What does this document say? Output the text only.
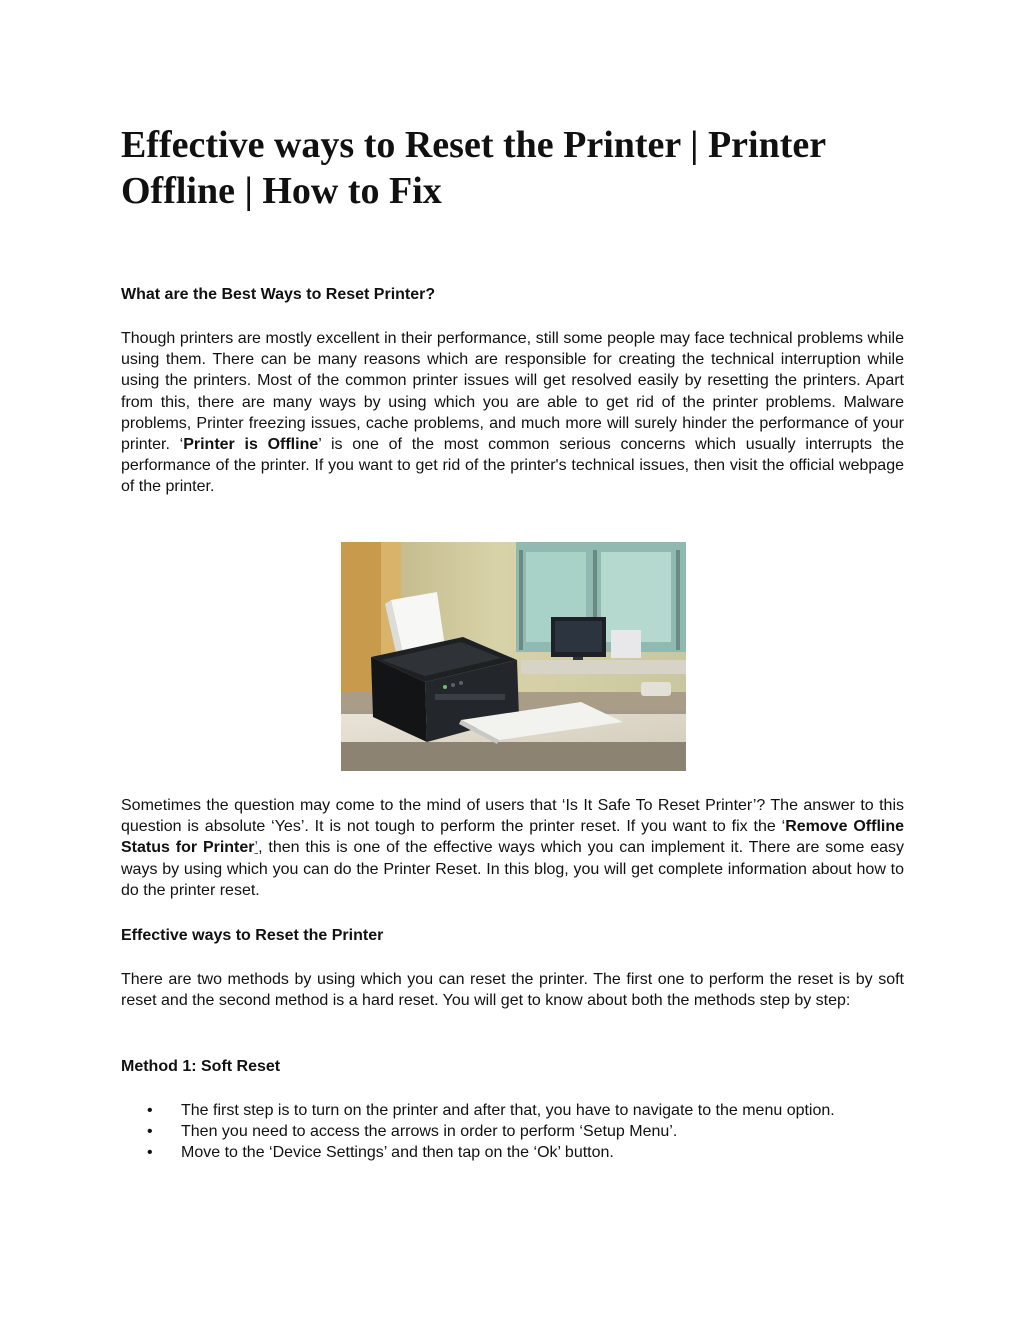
Effective ways to Reset the Printer | Printer Offline | How to Fix
What are the Best Ways to Reset Printer?

Though printers are mostly excellent in their performance, still some people may face technical problems while using them. There can be many reasons which are responsible for creating the technical interruption while using the printers. Most of the common printer issues will get resolved easily by resetting the printers. Apart from this, there are many ways by using which you are able to get rid of the printer problems. Malware problems, Printer freezing issues, cache problems, and much more will surely hinder the performance of your printer. ‘Printer is Offline’ is one of the most common serious concerns which usually interrupts the performance of the printer. If you want to get rid of the printer's technical issues, then visit the official webpage of the printer.

Sometimes the question may come to the mind of users that ‘Is It Safe To Reset Printer’? The answer to this question is absolute ‘Yes’. It is not tough to perform the printer reset. If you want to fix the ‘Remove Offline Status for Printer’, then this is one of the effective ways which you can implement it. There are some easy ways by using which you can do the Printer Reset. In this blog, you will get complete information about how to do the printer reset.

Effective ways to Reset the Printer

There are two methods by using which you can reset the printer. The first one to perform the reset is by soft reset and the second method is a hard reset. You will get to know about both the methods step by step:

Method 1: Soft Reset
• The first step is to turn on the printer and after that, you have to navigate to the menu option.
• Then you need to access the arrows in order to perform ‘Setup Menu’.
• Move to the ‘Device Settings’ and then tap on the ‘Ok’ button.
